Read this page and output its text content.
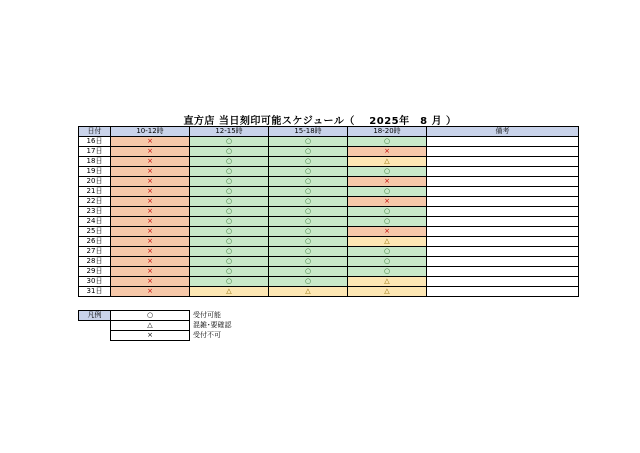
直方店 当日刻印可能スケジュール（　 2025年　8 月 ）
日付	10-12時	12-15時	15-18時	18-20時	備考
16日	×	○	○	○	
17日	×	○	○	×	
18日	×	○	○	△	
19日	×	○	○	○	
20日	×	○	○	×	
21日	×	○	○	○	
22日	×	○	○	×	
23日	×	○	○	○	
24日	×	○	○	○	
25日	×	○	○	×	
26日	×	○	○	△	
27日	×	○	○	○	
28日	×	○	○	○	
29日	×	○	○	○	
30日	×	○	○	△	
31日	×	△	△	△	
凡例	○	受付可能
	△	混雑･要確認
	×	受付不可
